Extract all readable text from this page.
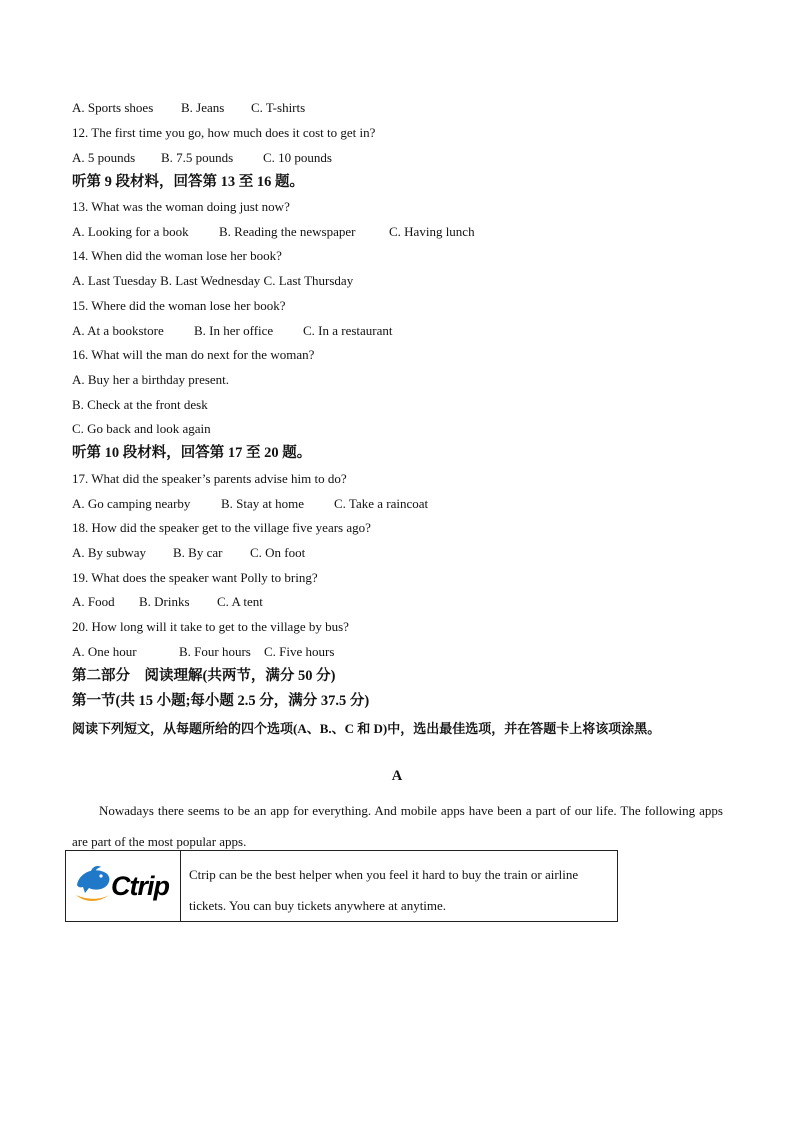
A. Sports shoes B. Jeans C. T-shirts
12. The first time you go, how much does it cost to get in?
A. 5 pounds B. 7.5 pounds C. 10 pounds
听第 9 段材料，回答第 13 至 16 题。
13. What was the woman doing just now?
A. Looking for a book B. Reading the newspaper	C. Having lunch
14. When did the woman lose her book?
A. Last Tuesday B. Last Wednesday C. Last Thursday
15. Where did the woman lose her book?
A. At a bookstore B. In her office C. In a restaurant
16. What will the man do next for the woman?
A. Buy her a birthday present.
B. Check at the front desk
C. Go back and look again
听第 10 段材料，回答第 17 至 20 题。
17. What did the speaker’s parents advise him to do?
A. Go camping nearby B. Stay at home C. Take a raincoat
18. How did the speaker get to the village five years ago?
A. By subway B. By car C. On foot
19. What does the speaker want Polly to bring?
A. Food B. Drinks C. A tent
20. How long will it take to get to the village by bus?
A. One hour	B. Four hours C. Five hours
第二部分　阅读理解(共两节，满分 50 分)
第一节(共 15 小题;每小题 2.5 分，满分 37.5 分)
阅读下列短文，从每题所给的四个选项(A、B.、C 和 D)中，选出最佳选项，并在答题卡上将该项涂黑。
A
Nowadays there seems to be an app for everything. And mobile apps have been a part of our life. The following apps are part of the most popular apps.
Ctrip	Ctrip can be the best helper when you feel it hard to buy the train or airline tickets. You can buy tickets anywhere at anytime.
